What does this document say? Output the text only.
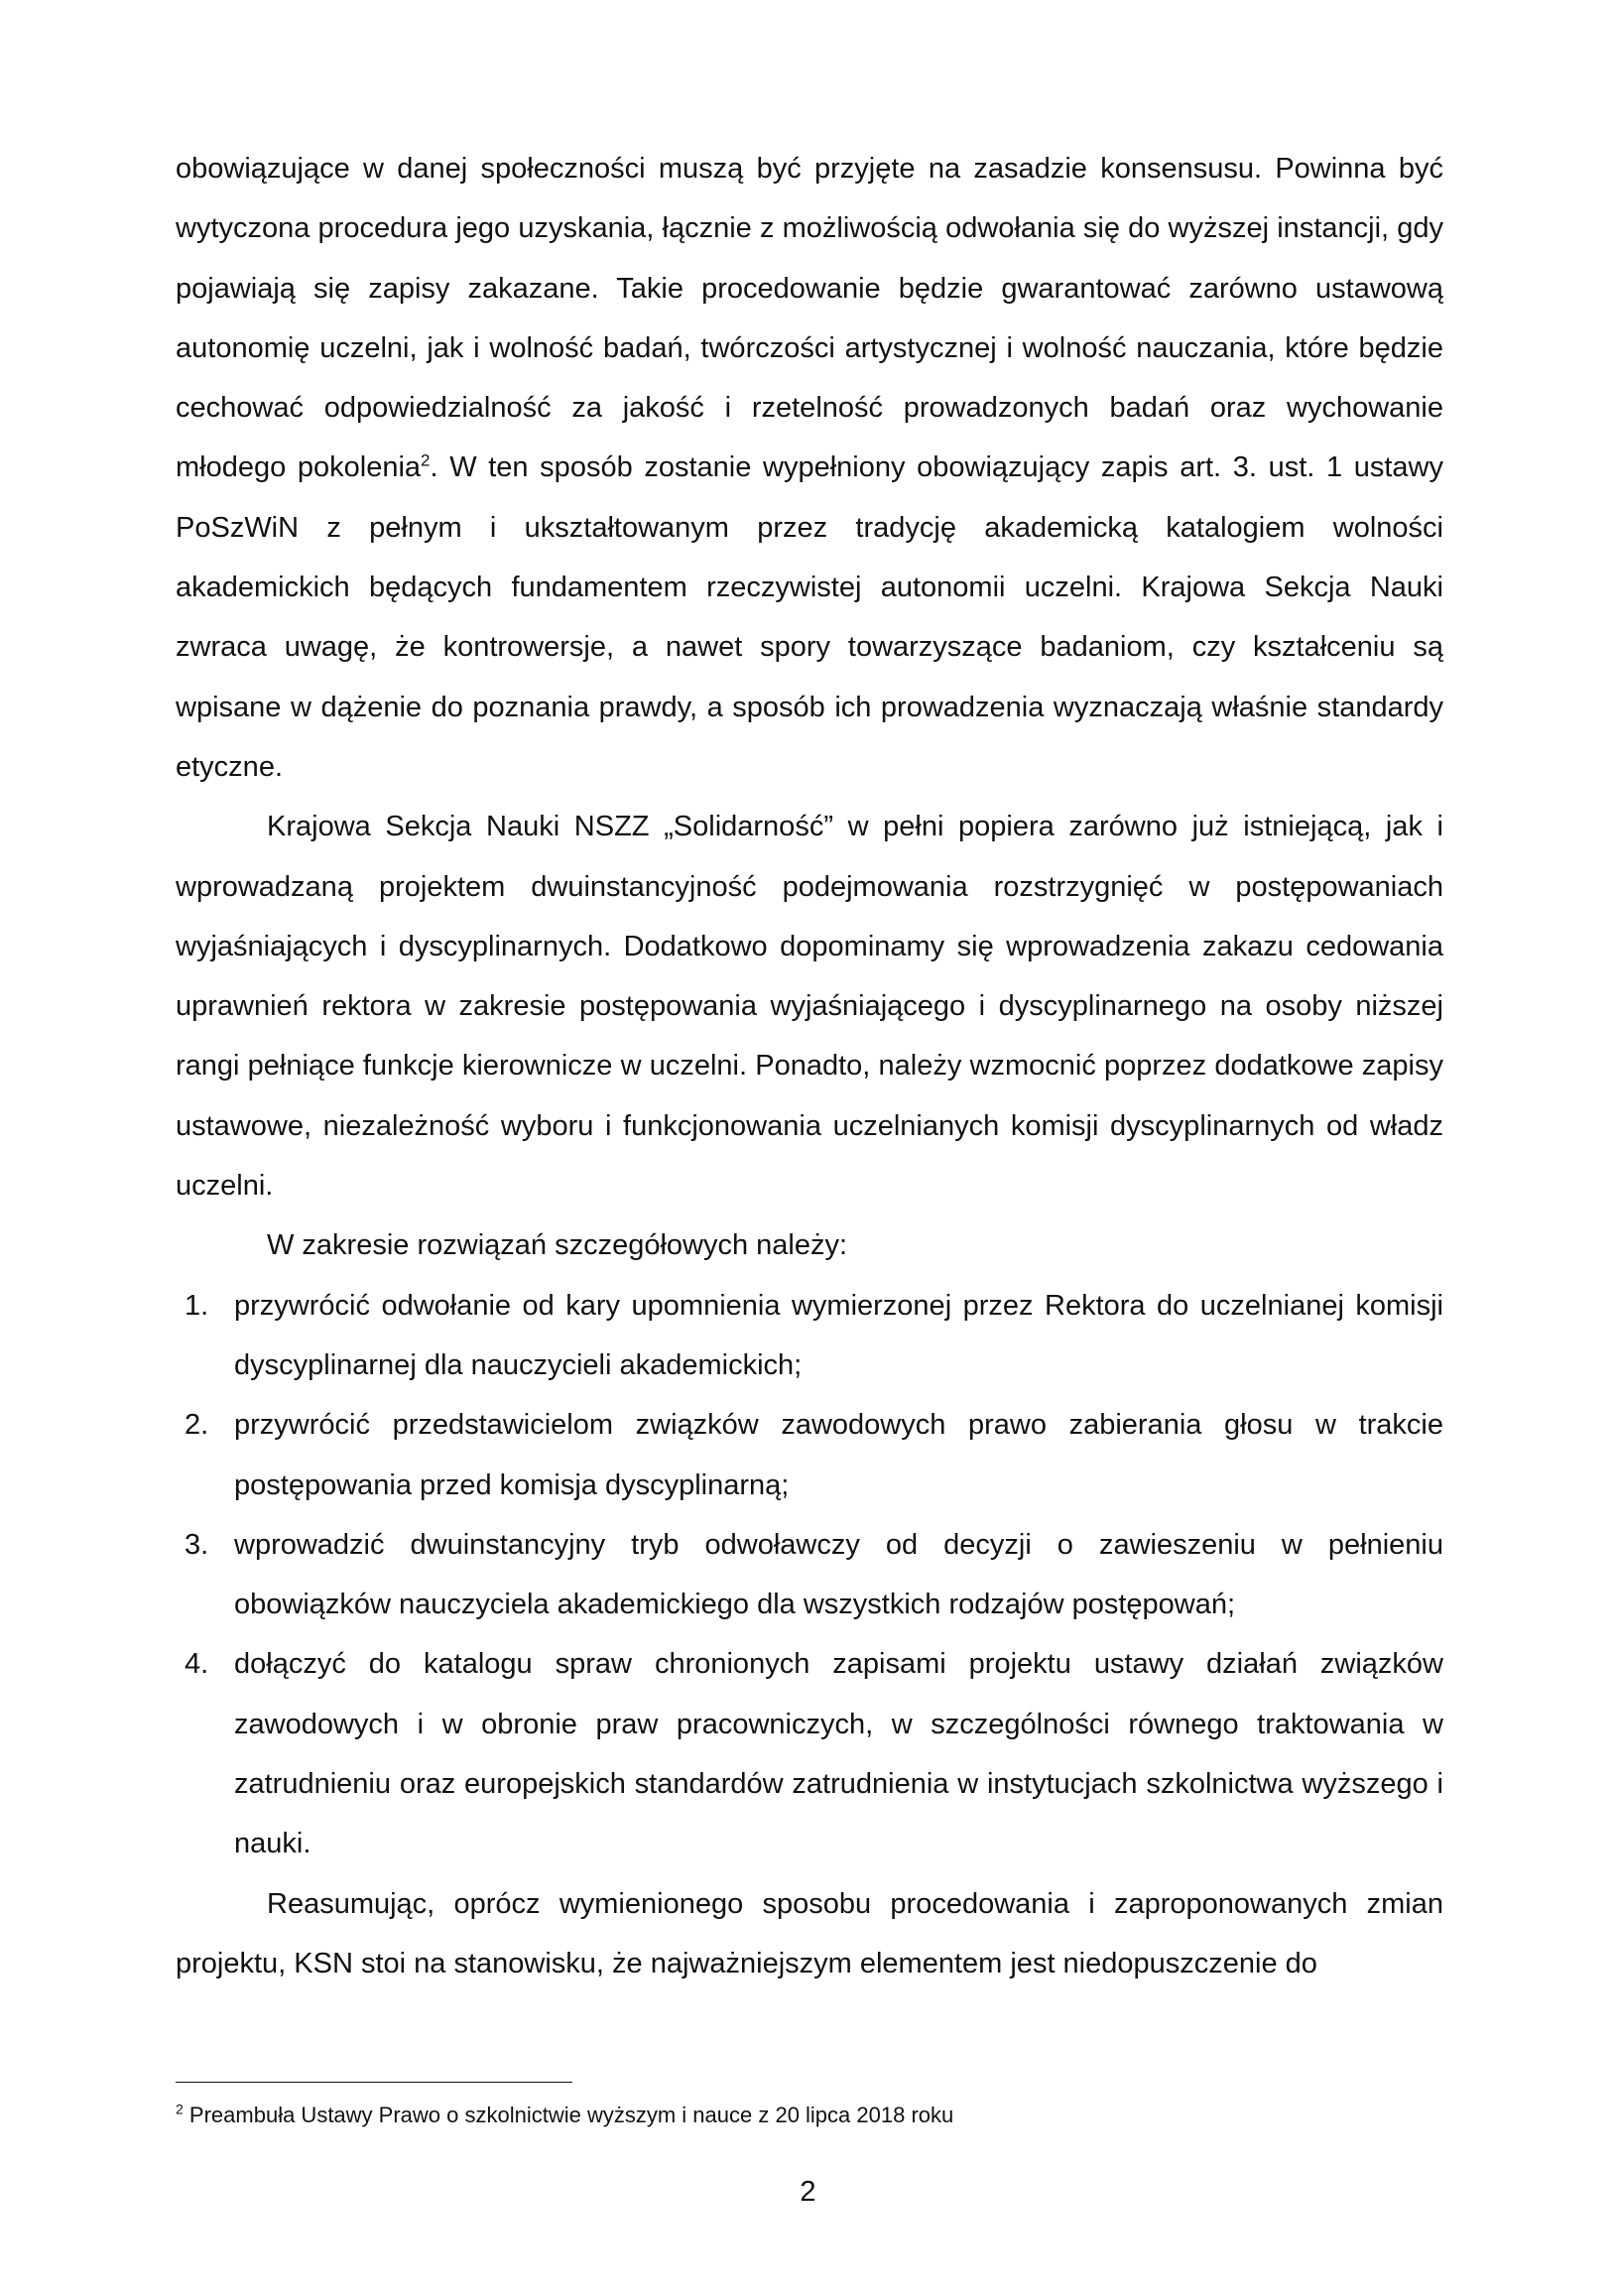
obowiązujące w danej społeczności muszą być przyjęte na zasadzie konsensusu. Powinna być wytyczona procedura jego uzyskania, łącznie z możliwością odwołania się do wyższej instancji, gdy pojawiają się zapisy zakazane. Takie procedowanie będzie gwarantować zarówno ustawową autonomię uczelni, jak i wolność badań, twórczości artystycznej i wolność nauczania, które będzie cechować odpowiedzialność za jakość i rzetelność prowadzonych badań oraz wychowanie młodego pokolenia$^2$. W ten sposób zostanie wypełniony obowiązujący zapis art. 3. ust. 1 ustawy PoSzWiN z pełnym i ukształtowanym przez tradycję akademicką katalogiem wolności akademickich będących fundamentem rzeczywistej autonomii uczelni. Krajowa Sekcja Nauki zwraca uwagę, że kontrowersje, a nawet spory towarzyszące badaniom, czy kształceniu są wpisane w dążenie do poznania prawdy, a sposób ich prowadzenia wyznaczają właśnie standardy etyczne.

Krajowa Sekcja Nauki NSZZ „Solidarność” w pełni popiera zarówno już istniejącą, jak i wprowadzaną projektem dwuinstancyjność podejmowania rozstrzygnięć w postępowaniach wyjaśniających i dyscyplinarnych. Dodatkowo dopominamy się wprowadzenia zakazu cedowania uprawnień rektora w zakresie postępowania wyjaśniającego i dyscyplinarnego na osoby niższej rangi pełniące funkcje kierownicze w uczelni. Ponadto, należy wzmocnić poprzez dodatkowe zapisy ustawowe, niezależność wyboru i funkcjonowania uczelnianych komisji dyscyplinarnych od władz uczelni.

W zakresie rozwiązań szczegółowych należy:

1. przywrócić odwołanie od kary upomnienia wymierzonej przez Rektora do uczelnianej komisji dyscyplinarnej dla nauczycieli akademickich;
2. przywrócić przedstawicielom związków zawodowych prawo zabierania głosu w trakcie postępowania przed komisja dyscyplinarną;
3. wprowadzić dwuinstancyjny tryb odwoławczy od decyzji o zawieszeniu w pełnieniu obowiązków nauczyciela akademickiego dla wszystkich rodzajów postępowań;
4. dołączyć do katalogu spraw chronionych zapisami projektu ustawy działań związków zawodowych i w obronie praw pracowniczych, w szczególności równego traktowania w zatrudnieniu oraz europejskich standardów zatrudnienia w instytucjach szkolnictwa wyższego i nauki.

Reasumując, oprócz wymienionego sposobu procedowania i zaproponowanych zmian projektu, KSN stoi na stanowisku, że najważniejszym elementem jest niedopuszczenie do

$^2$ Preambuła Ustawy Prawo o szkolnictwie wyższym i nauce z 20 lipca 2018 roku
2
